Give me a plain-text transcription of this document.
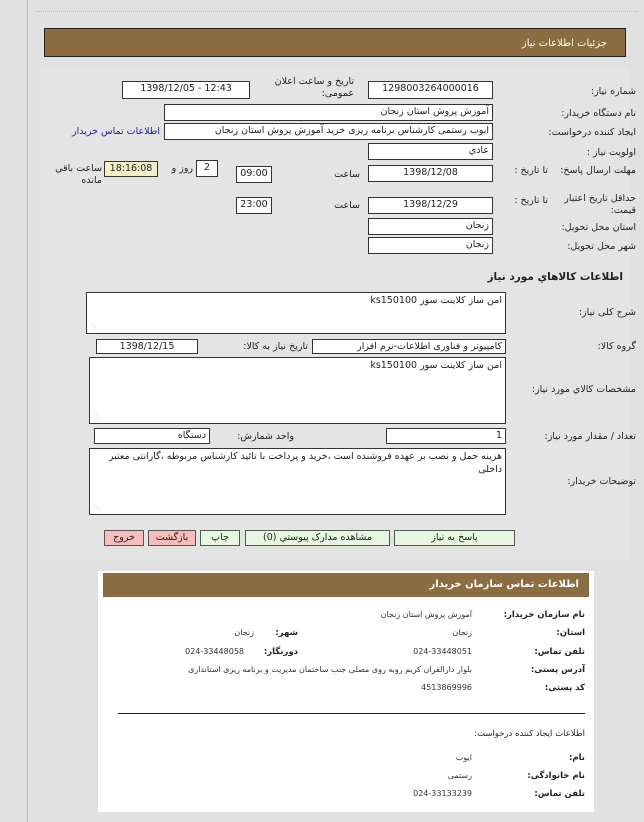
جزئیات اطلاعات نیاز
شماره نیاز:
1298003264000016
تاریخ و ساعت اعلان عمومی:
1398/12/05 - 12:43
نام دستگاه خریدار:
آموزش پروش استان زنجان
ایجاد کننده درخواست:
ایوب رستمی کارشناس برنامه ریزی خرید آموزش پروش استان زنجان
اطلاعات تماس خریدار
اولویت نیاز :
عادي
مهلت ارسال پاسخ:
تا تاریخ :
1398/12/08
ساعت
09:00
2
روز و
18:16:08
ساعت باقي مانده
حداقل تاریخ اعتبار قیمت:
تا تاریخ :
1398/12/29
ساعت
23:00
استان محل تحویل:
زنجان
شهر محل تحویل:
زنجان
اطلاعات كالاهاي مورد نياز
شرح کلی نیاز:
امن ساز کلاینت سور ks150100 ⋰
گروه کالا:
کامپیوتر و فناوری اطلاعات-نرم افزار
تاریخ نیاز به کالا:
1398/12/15
مشخصات کالاي مورد نياز:
امن ساز کلاینت سور ks150100 ⋰
تعداد / مقدار مورد نیاز:
1
واحد شمارش:
دستگاه
توضیحات خریدار:
هزینه حمل و نصب بر عهده فروشنده است ،خرید و پرداخت با تائید کارشناس مربوطه ،گارانتی معتبر داخلی ⋰
پاسخ به نیاز
مشاهده مدارک پیوستي (0)
چاپ
بازگشت
خروج
اطلاعات تماس سازمان خریدار
نام سازمان خریدار:
آموزش پروش استان زنجان
استان:
زنجان
شهر:
زنجان
تلفن تماس:
024-33448051
دورنگار:
024-33448058
آدرس پستی:
بلوار دارالقران کریم روبه روی مصلی جنب ساختمان مدیریت و برنامه ریزی استانداری
کد پستی:
4513869996
اطلاعات ایجاد کننده درخواست:
نام:
ایوب
نام خانوادگی:
رستمی
تلفن تماس:
024-33133239
